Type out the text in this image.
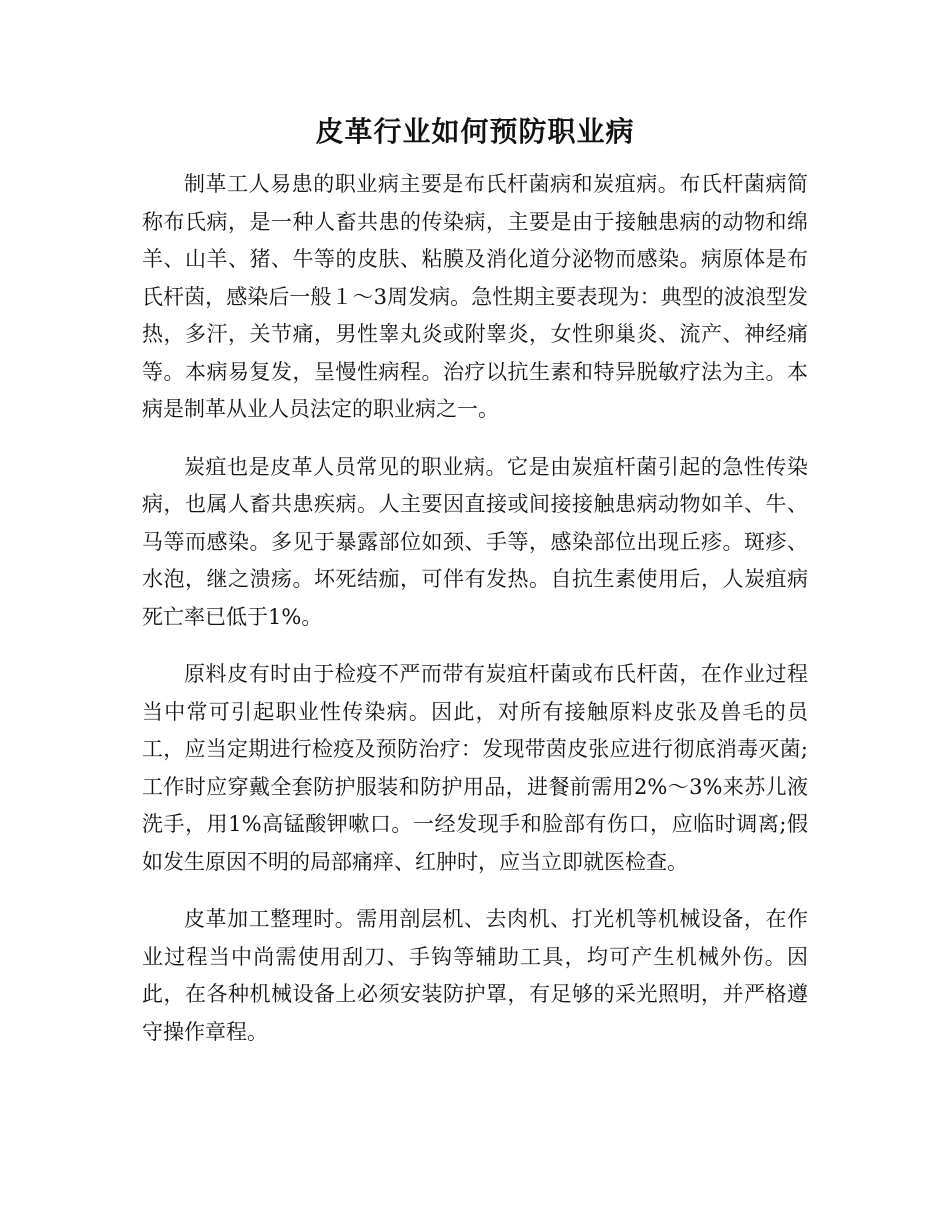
皮革行业如何预防职业病

制革工人易患的职业病主要是布氏杆菌病和炭疽病。布氏杆菌病简称布氏病，是一种人畜共患的传染病，主要是由于接触患病的动物和绵羊、山羊、猪、牛等的皮肤、粘膜及消化道分泌物而感染。病原体是布氏杆茵，感染后一般１～3周发病。急性期主要表现为：典型的波浪型发热，多汗，关节痛，男性睾丸炎或附睾炎，女性卵巢炎、流产、神经痛等。本病易复发，呈慢性病程。治疗以抗生素和特异脱敏疗法为主。本病是制革从业人员法定的职业病之一。

炭疽也是皮革人员常见的职业病。它是由炭疽杆菌引起的急性传染病，也属人畜共患疾病。人主要因直接或间接接触患病动物如羊、牛、马等而感染。多见于暴露部位如颈、手等，感染部位出现丘疹。斑疹、水泡，继之溃疡。坏死结痂，可伴有发热。自抗生素使用后，人炭疽病死亡率已低于1%。

原料皮有时由于检疫不严而带有炭疽杆菌或布氏杆茵，在作业过程当中常可引起职业性传染病。因此，对所有接触原料皮张及兽毛的员工，应当定期进行检疫及预防治疗：发现带茵皮张应进行彻底消毒灭菌;工作时应穿戴全套防护服装和防护用品，进餐前需用2%～3%来苏儿液洗手，用1%高锰酸钾嗽口。一经发现手和脸部有伤口，应临时调离;假如发生原因不明的局部痛痒、红肿时，应当立即就医检查。

皮革加工整理时。需用剖层机、去肉机、打光机等机械设备，在作业过程当中尚需使用刮刀、手钩等辅助工具，均可产生机械外伤。因此，在各种机械设备上必须安装防护罩，有足够的采光照明，并严格遵守操作章程。
